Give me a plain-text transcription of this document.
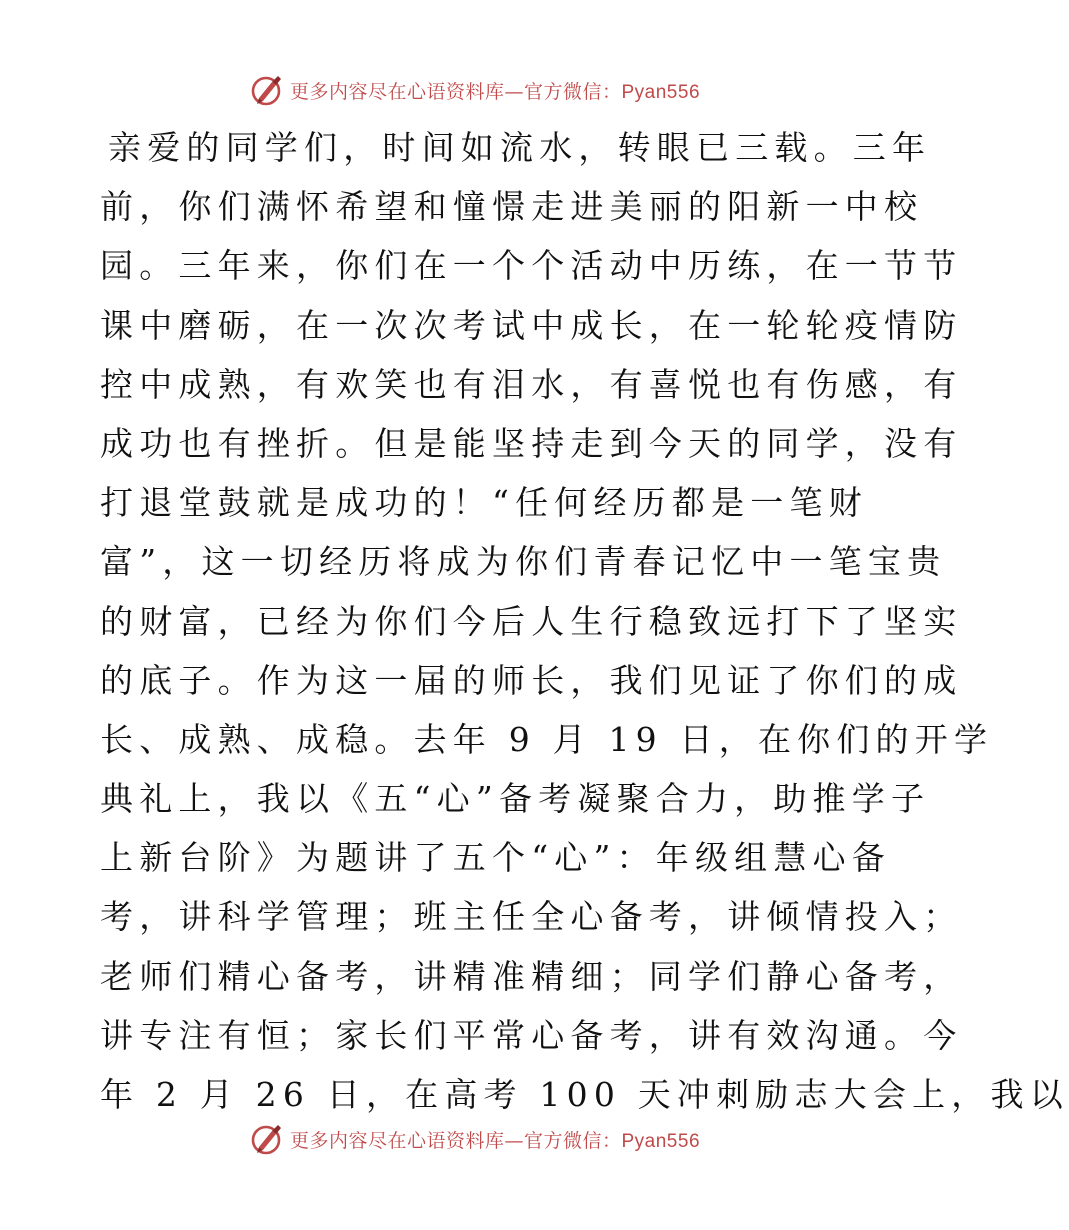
更多内容尽在心语资料库—官方微信：Pyan556
亲爱的同学们，时间如流水，转眼已三载。三年
前，你们满怀希望和憧憬走进美丽的阳新一中校
园。三年来，你们在一个个活动中历练，在一节节
课中磨砺，在一次次考试中成长，在一轮轮疫情防
控中成熟，有欢笑也有泪水，有喜悦也有伤感，有
成功也有挫折。但是能坚持走到今天的同学，没有
打退堂鼓就是成功的！“任何经历都是一笔财
富”，这一切经历将成为你们青春记忆中一笔宝贵
的财富，已经为你们今后人生行稳致远打下了坚实
的底子。作为这一届的师长，我们见证了你们的成
长、成熟、成稳。去年 9 月 19 日，在你们的开学
典礼上，我以《五“心”备考凝聚合力，助推学子
上新台阶》为题讲了五个“心”：年级组慧心备
考，讲科学管理；班主任全心备考，讲倾情投入；
老师们精心备考，讲精准精细；同学们静心备考，
讲专注有恒；家长们平常心备考，讲有效沟通。今
年 2 月 26 日，在高考 100 天冲刺励志大会上，我以
更多内容尽在心语资料库—官方微信：Pyan556
